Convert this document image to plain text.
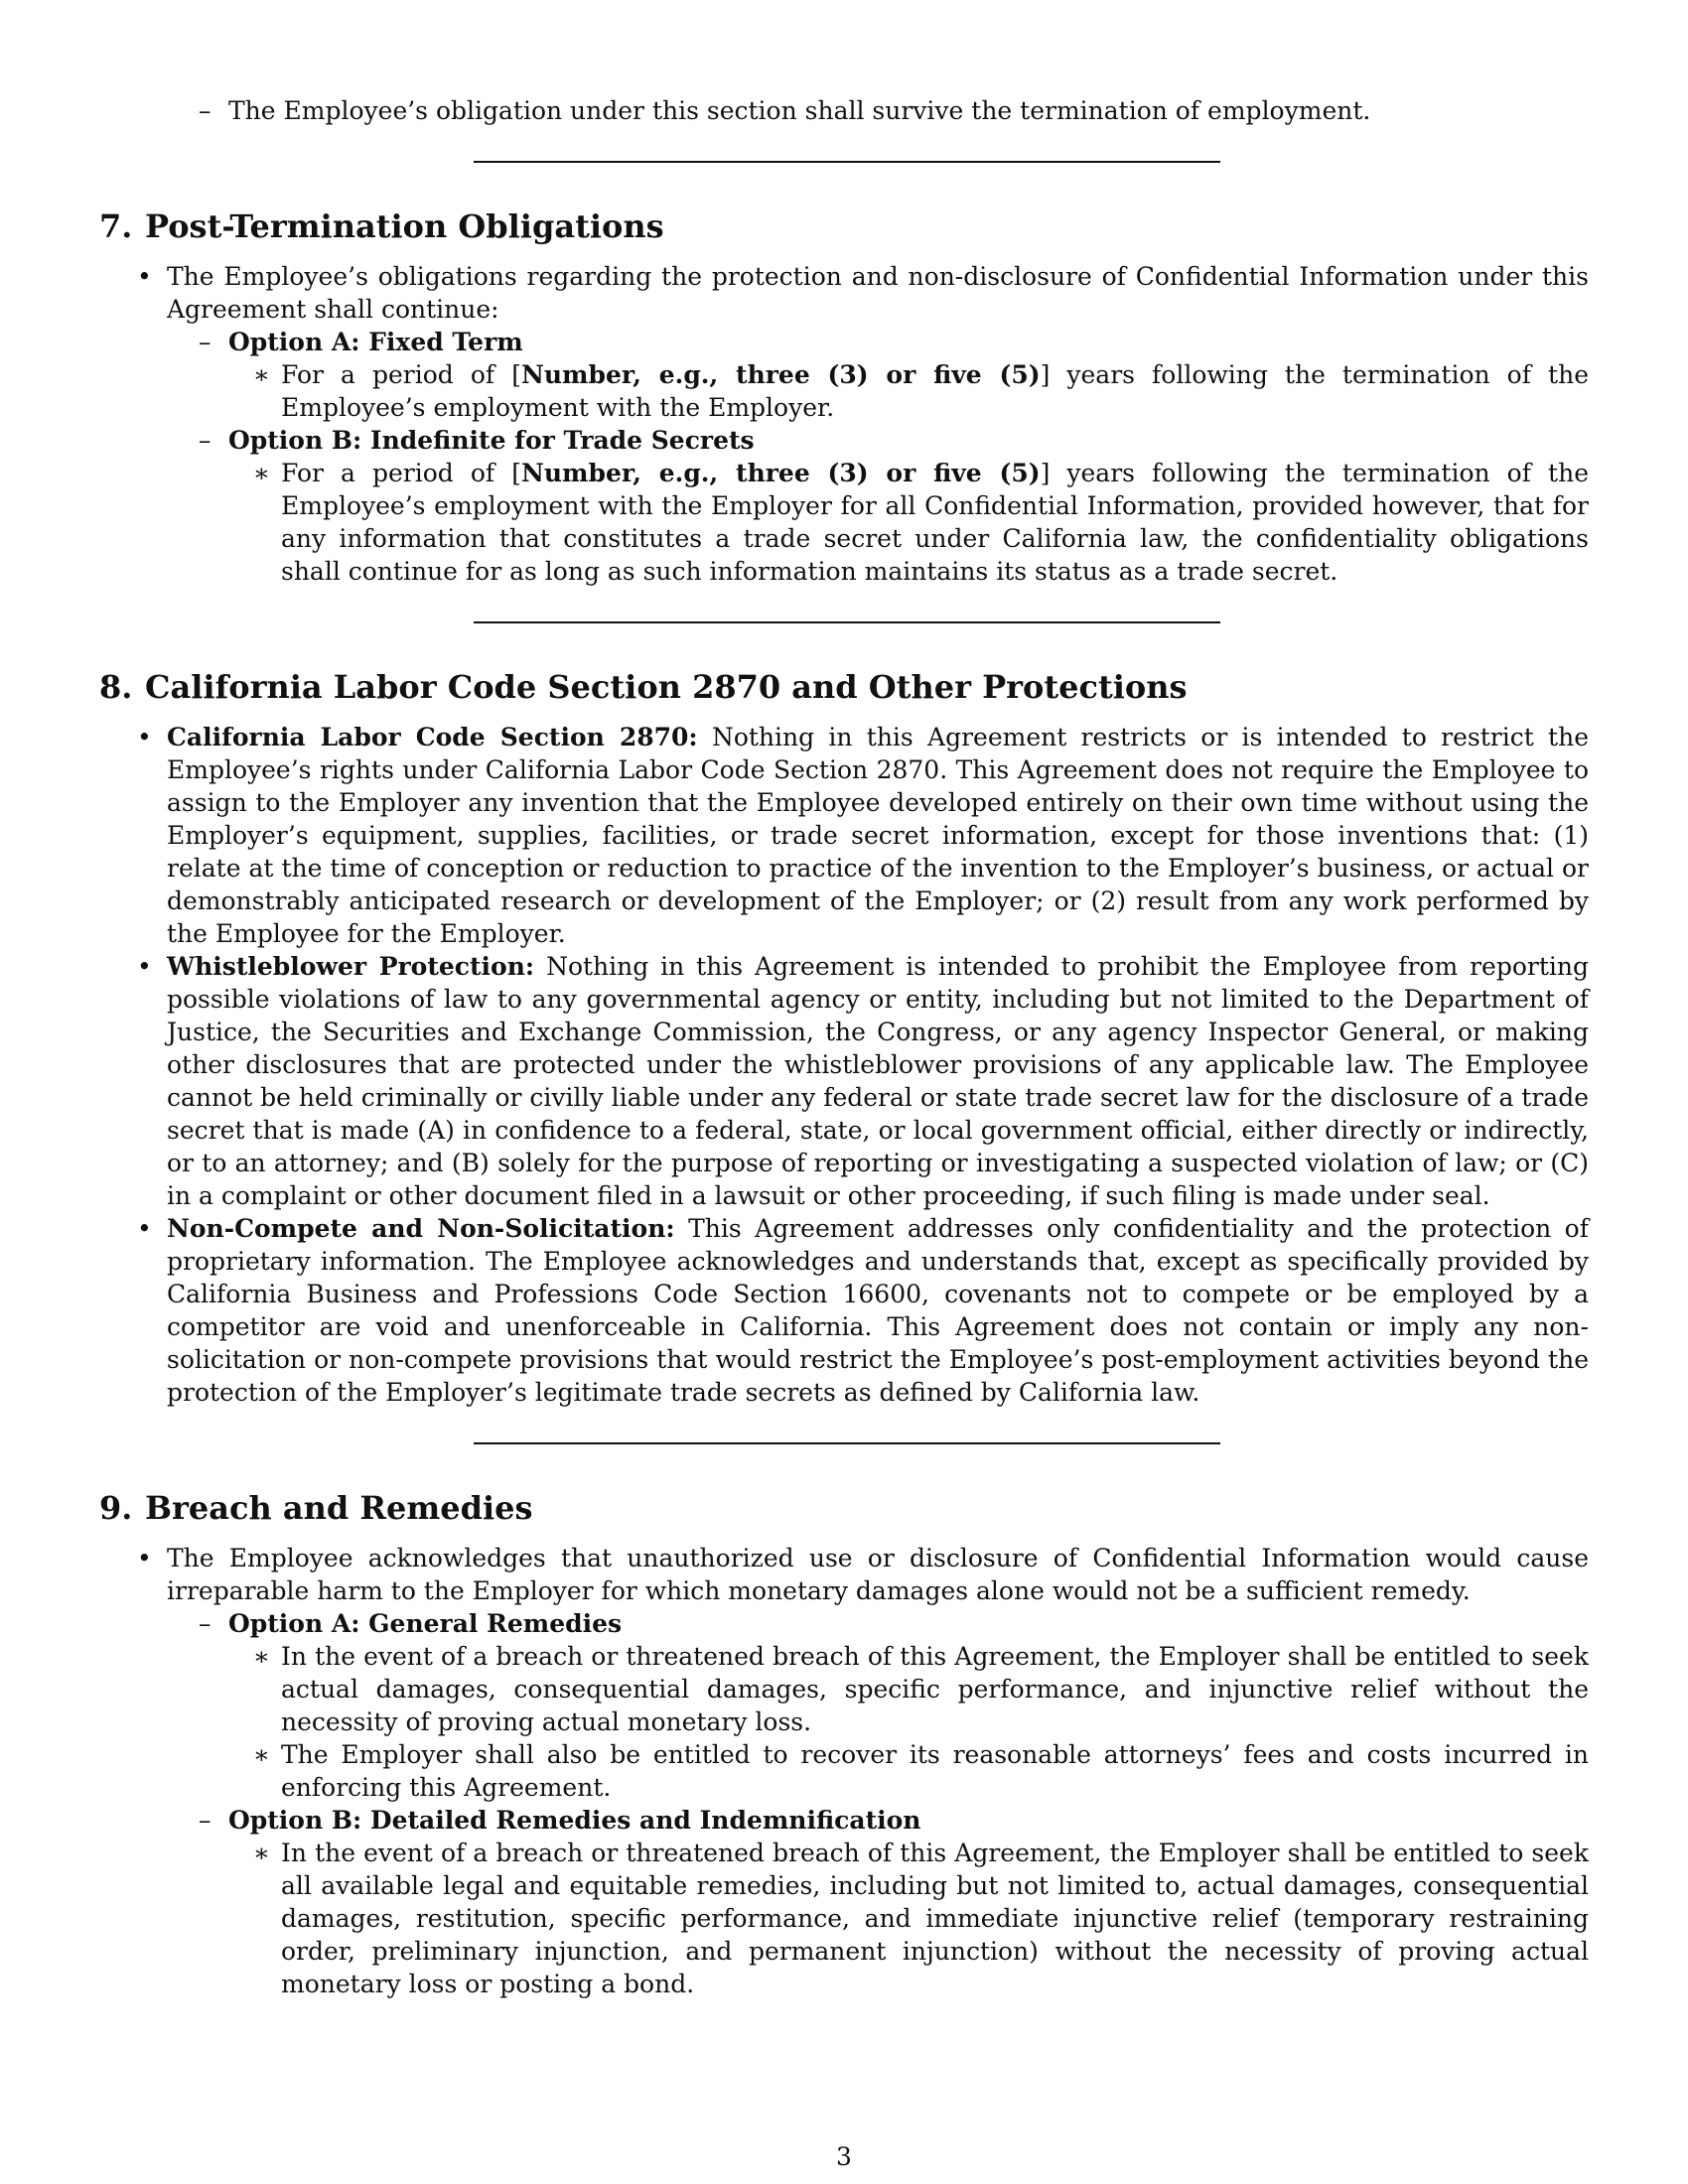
– The Employee’s obligation under this section shall survive the termination of employment.
7. Post-Termination Obligations
• The Employee’s obligations regarding the protection and non-disclosure of Confidential Information under this Agreement shall continue:
– Option A: Fixed Term
∗ For a period of [Number, e.g., three (3) or five (5)] years following the termination of the Employee’s employment with the Employer.
– Option B: Indefinite for Trade Secrets
∗ For a period of [Number, e.g., three (3) or five (5)] years following the termination of the Employee’s employment with the Employer for all Confidential Information, provided however, that for any information that constitutes a trade secret under California law, the confidentiality obligations shall continue for as long as such information maintains its status as a trade secret.
8. California Labor Code Section 2870 and Other Protections
• California Labor Code Section 2870: Nothing in this Agreement restricts or is intended to restrict the Employee’s rights under California Labor Code Section 2870. This Agreement does not require the Employee to assign to the Employer any invention that the Employee developed entirely on their own time without using the Employer’s equipment, supplies, facilities, or trade secret information, except for those inventions that: (1) relate at the time of conception or reduction to practice of the invention to the Employer’s business, or actual or demonstrably anticipated research or development of the Employer; or (2) result from any work performed by the Employee for the Employer.
• Whistleblower Protection: Nothing in this Agreement is intended to prohibit the Employee from reporting possible violations of law to any governmental agency or entity, including but not limited to the Department of Justice, the Securities and Exchange Commission, the Congress, or any agency Inspector General, or making other disclosures that are protected under the whistleblower provisions of any applicable law. The Employee cannot be held criminally or civilly liable under any federal or state trade secret law for the disclosure of a trade secret that is made (A) in confidence to a federal, state, or local government official, either directly or indirectly, or to an attorney; and (B) solely for the purpose of reporting or investigating a suspected violation of law; or (C) in a complaint or other document filed in a lawsuit or other proceeding, if such filing is made under seal.
• Non-Compete and Non-Solicitation: This Agreement addresses only confidentiality and the protection of proprietary information. The Employee acknowledges and understands that, except as specifically provided by California Business and Professions Code Section 16600, covenants not to compete or be employed by a competitor are void and unenforceable in California. This Agreement does not contain or imply any non-solicitation or non-compete provisions that would restrict the Employee’s post-employment activities beyond the protection of the Employer’s legitimate trade secrets as defined by California law.
9. Breach and Remedies
• The Employee acknowledges that unauthorized use or disclosure of Confidential Information would cause irreparable harm to the Employer for which monetary damages alone would not be a sufficient remedy.
– Option A: General Remedies
∗ In the event of a breach or threatened breach of this Agreement, the Employer shall be entitled to seek actual damages, consequential damages, specific performance, and injunctive relief without the necessity of proving actual monetary loss.
∗ The Employer shall also be entitled to recover its reasonable attorneys’ fees and costs incurred in enforcing this Agreement.
– Option B: Detailed Remedies and Indemnification
∗ In the event of a breach or threatened breach of this Agreement, the Employer shall be entitled to seek all available legal and equitable remedies, including but not limited to, actual damages, consequential damages, restitution, specific performance, and immediate injunctive relief (temporary restraining order, preliminary injunction, and permanent injunction) without the necessity of proving actual monetary loss or posting a bond.
3
